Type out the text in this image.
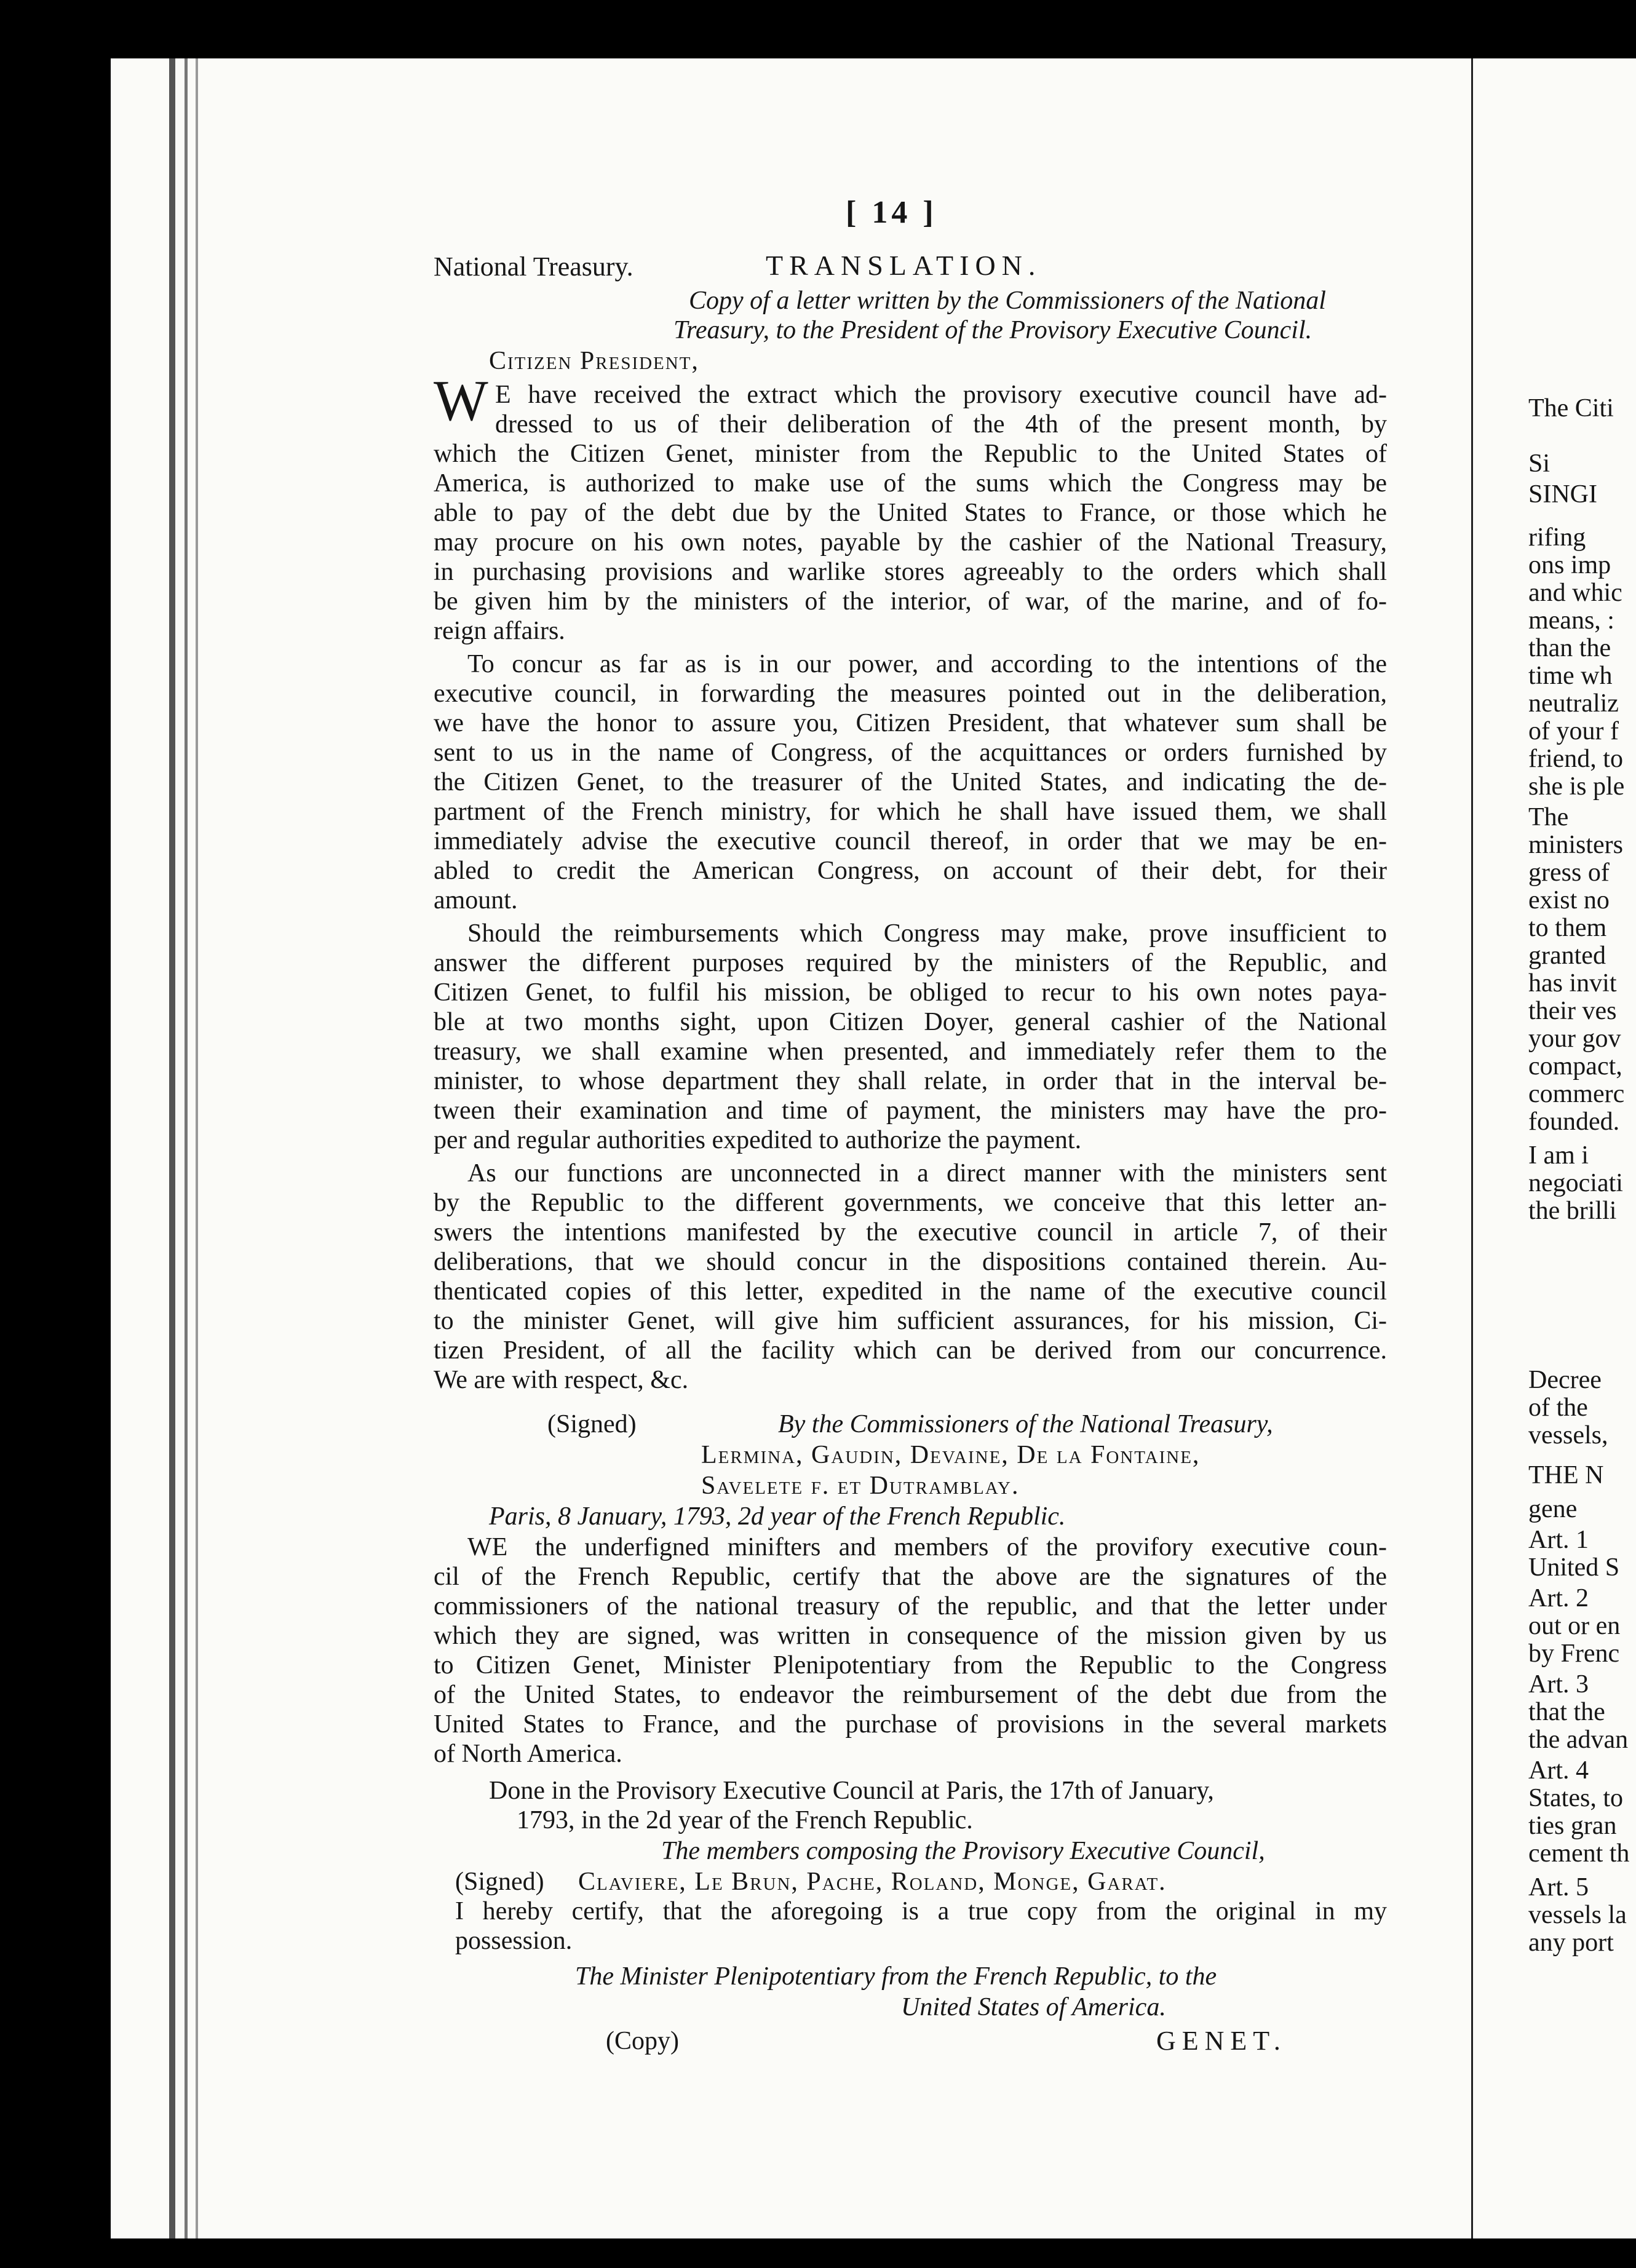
[ 14 ]
National Treasury.	TRANSLATION.
Copy of a letter written by the Commissioners of the National
Treasury, to the President of the Provisory Executive Council.
Citizen President,
W E have received the extract which the provisory executive council have ad-
dressed to us of their deliberation of the 4th of the present month, by
which the Citizen Genet, minister from the Republic to the United States of
America, is authorized to make use of the sums which the Congress may be
able to pay of the debt due by the United States to France, or those which he
may procure on his own notes, payable by the cashier of the National Treasury,
in purchasing provisions and warlike stores agreeably to the orders which shall
be given him by the ministers of the interior, of war, of the marine, and of fo-
reign affairs.
To concur as far as is in our power, and according to the intentions of the
executive council, in forwarding the measures pointed out in the deliberation,
we have the honor to assure you, Citizen President, that whatever sum shall be
sent to us in the name of Congress, of the acquittances or orders furnished by
the Citizen Genet, to the treasurer of the United States, and indicating the de-
partment of the French ministry, for which he shall have issued them, we shall
immediately advise the executive council thereof, in order that we may be en-
abled to credit the American Congress, on account of their debt, for their
amount.
Should the reimbursements which Congress may make, prove insufficient to
answer the different purposes required by the ministers of the Republic, and
Citizen Genet, to fulfil his mission, be obliged to recur to his own notes paya-
ble at two months sight, upon Citizen Doyer, general cashier of the National
treasury, we shall examine when presented, and immediately refer them to the
minister, to whose department they shall relate, in order that in the interval be-
tween their examination and time of payment, the ministers may have the pro-
per and regular authorities expedited to authorize the payment.
As our functions are unconnected in a direct manner with the ministers sent
by the Republic to the different governments, we conceive that this letter an-
swers the intentions manifested by the executive council in article 7, of their
deliberations, that we should concur in the dispositions contained therein. Au-
thenticated copies of this letter, expedited in the name of the executive council
to the minister Genet, will give him sufficient assurances, for his mission, Ci-
tizen President, of all the facility which can be derived from our concurrence.
We are with respect, &c.
(Signed)	By the Commissioners of the National Treasury,
Lermina, Gaudin, Devaine, De la Fontaine,
Savelete f. et Dutramblay.
Paris, 8 January, 1793, 2d year of the French Republic.
WE the underfigned minifters and members of the provifory executive coun-
cil of the French Republic, certify that the above are the signatures of the
commissioners of the national treasury of the republic, and that the letter under
which they are signed, was written in consequence of the mission given by us
to Citizen Genet, Minister Plenipotentiary from the Republic to the Congress
of the United States, to endeavor the reimbursement of the debt due from the
United States to France, and the purchase of provisions in the several markets
of North America.
Done in the Provisory Executive Council at Paris, the 17th of January,
1793, in the 2d year of the French Republic.
The members composing the Provisory Executive Council,
(Signed) Claviere, Le Brun, Pache, Roland, Monge, Garat.
I hereby certify, that the aforegoing is a true copy from the original in my
possession.
The Minister Plenipotentiary from the French Republic, to the
United States of America.
(Copy)	GENET.
The Citi
Si
SINGI
rifing
ons imp
and whic
means, :
than the
time wh
neutraliz
of your f
friend, to
she is ple
The
ministers
gress of
exist no
to them
granted
has invit
their ves
your gov
compact,
commerc
founded.
I am i
negociati
the brilli
Decree
of the
vessels,
THE N
gene
Art. 1
United S
Art. 2
out or en
by Frenc
Art. 3
that the
the advan
Art. 4
States, to
ties gran
cement th
Art. 5
vessels la
any port
